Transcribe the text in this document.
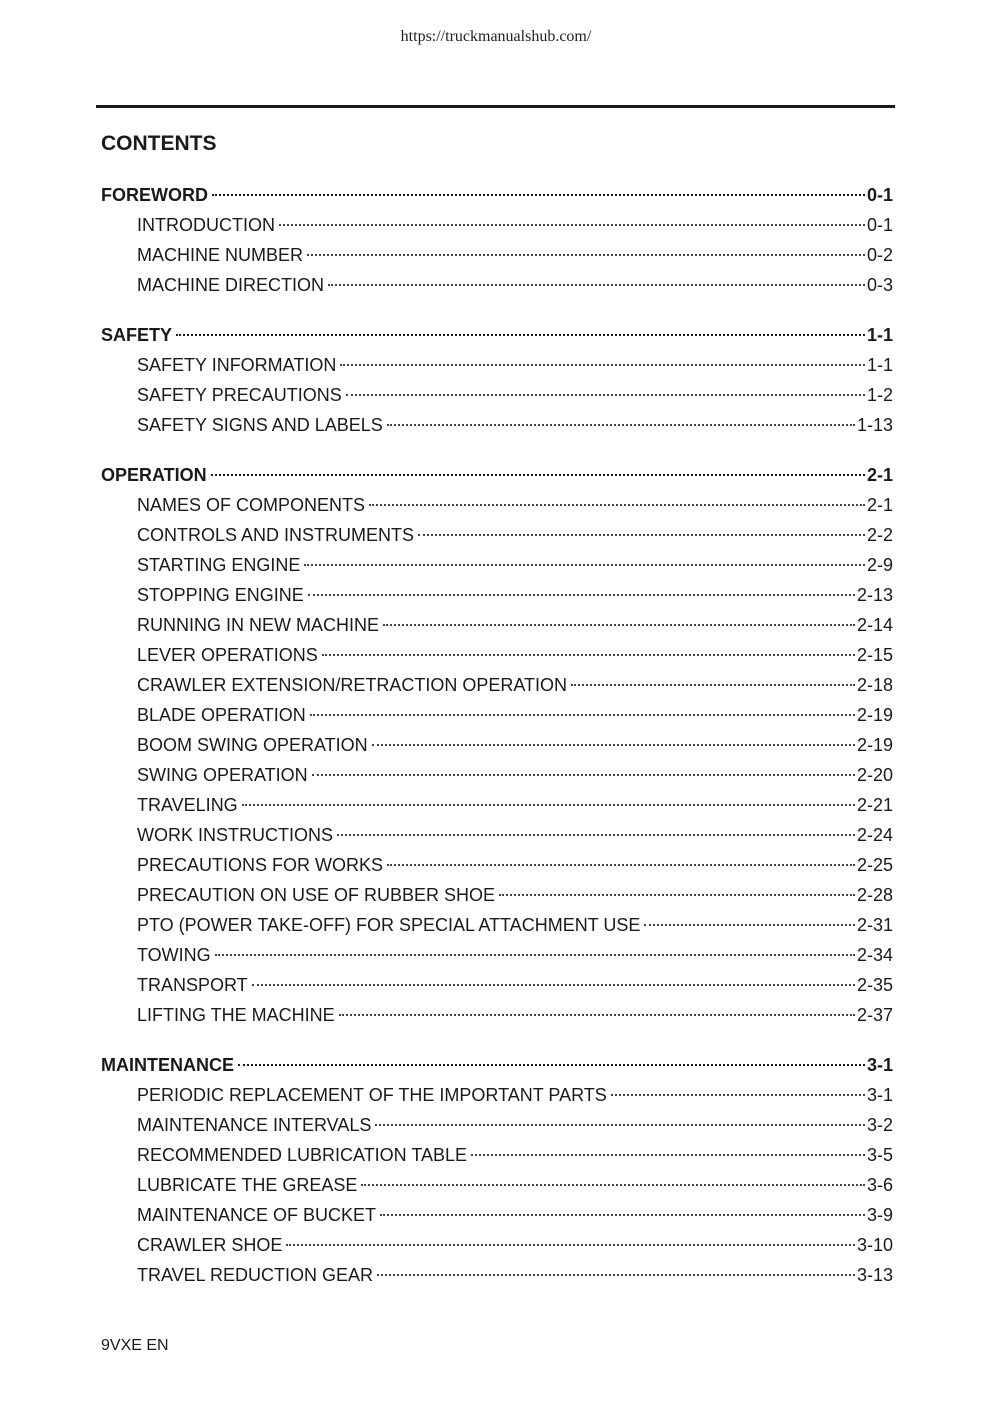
https://truckmanualshub.com/
CONTENTS
FOREWORD	0-1
INTRODUCTION	0-1
MACHINE NUMBER	0-2
MACHINE DIRECTION	0-3
SAFETY	1-1
SAFETY INFORMATION	1-1
SAFETY PRECAUTIONS	1-2
SAFETY SIGNS AND LABELS	1-13
OPERATION	2-1
NAMES OF COMPONENTS	2-1
CONTROLS AND INSTRUMENTS	2-2
STARTING ENGINE	2-9
STOPPING ENGINE	2-13
RUNNING IN NEW MACHINE	2-14
LEVER OPERATIONS	2-15
CRAWLER EXTENSION/RETRACTION OPERATION	2-18
BLADE OPERATION	2-19
BOOM SWING OPERATION	2-19
SWING OPERATION	2-20
TRAVELING	2-21
WORK INSTRUCTIONS	2-24
PRECAUTIONS FOR WORKS	2-25
PRECAUTION ON USE OF RUBBER SHOE	2-28
PTO (POWER TAKE-OFF) FOR SPECIAL ATTACHMENT USE	2-31
TOWING	2-34
TRANSPORT	2-35
LIFTING THE MACHINE	2-37
MAINTENANCE	3-1
PERIODIC REPLACEMENT OF THE IMPORTANT PARTS	3-1
MAINTENANCE INTERVALS	3-2
RECOMMENDED LUBRICATION TABLE	3-5
LUBRICATE THE GREASE	3-6
MAINTENANCE OF BUCKET	3-9
CRAWLER SHOE	3-10
TRAVEL REDUCTION GEAR	3-13
9VXE EN
